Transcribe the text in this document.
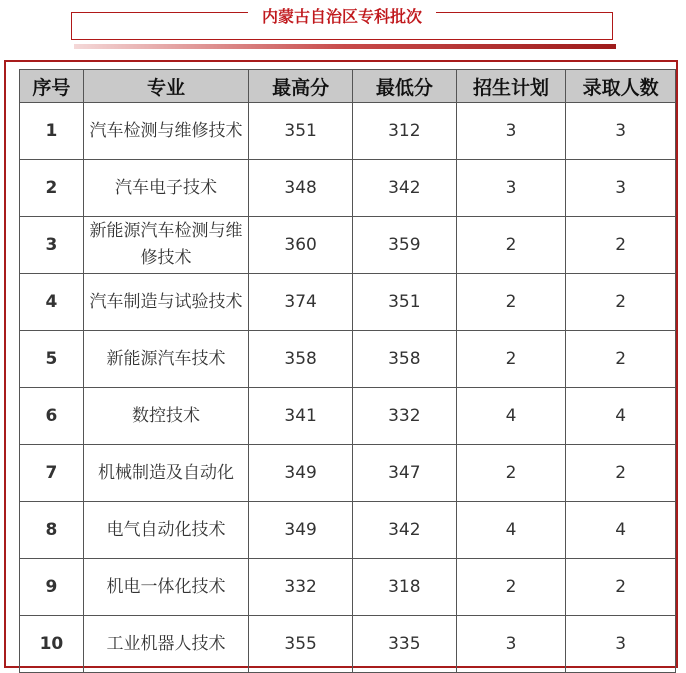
内蒙古自治区专科批次
序号	专业	最高分	最低分	招生计划	录取人数
1	汽车检测与维修技术	351	312	3	3
2	汽车电子技术	348	342	3	3
3	新能源汽车检测与维修技术	360	359	2	2
4	汽车制造与试验技术	374	351	2	2
5	新能源汽车技术	358	358	2	2
6	数控技术	341	332	4	4
7	机械制造及自动化	349	347	2	2
8	电气自动化技术	349	342	4	4
9	机电一体化技术	332	318	2	2
10	工业机器人技术	355	335	3	3
